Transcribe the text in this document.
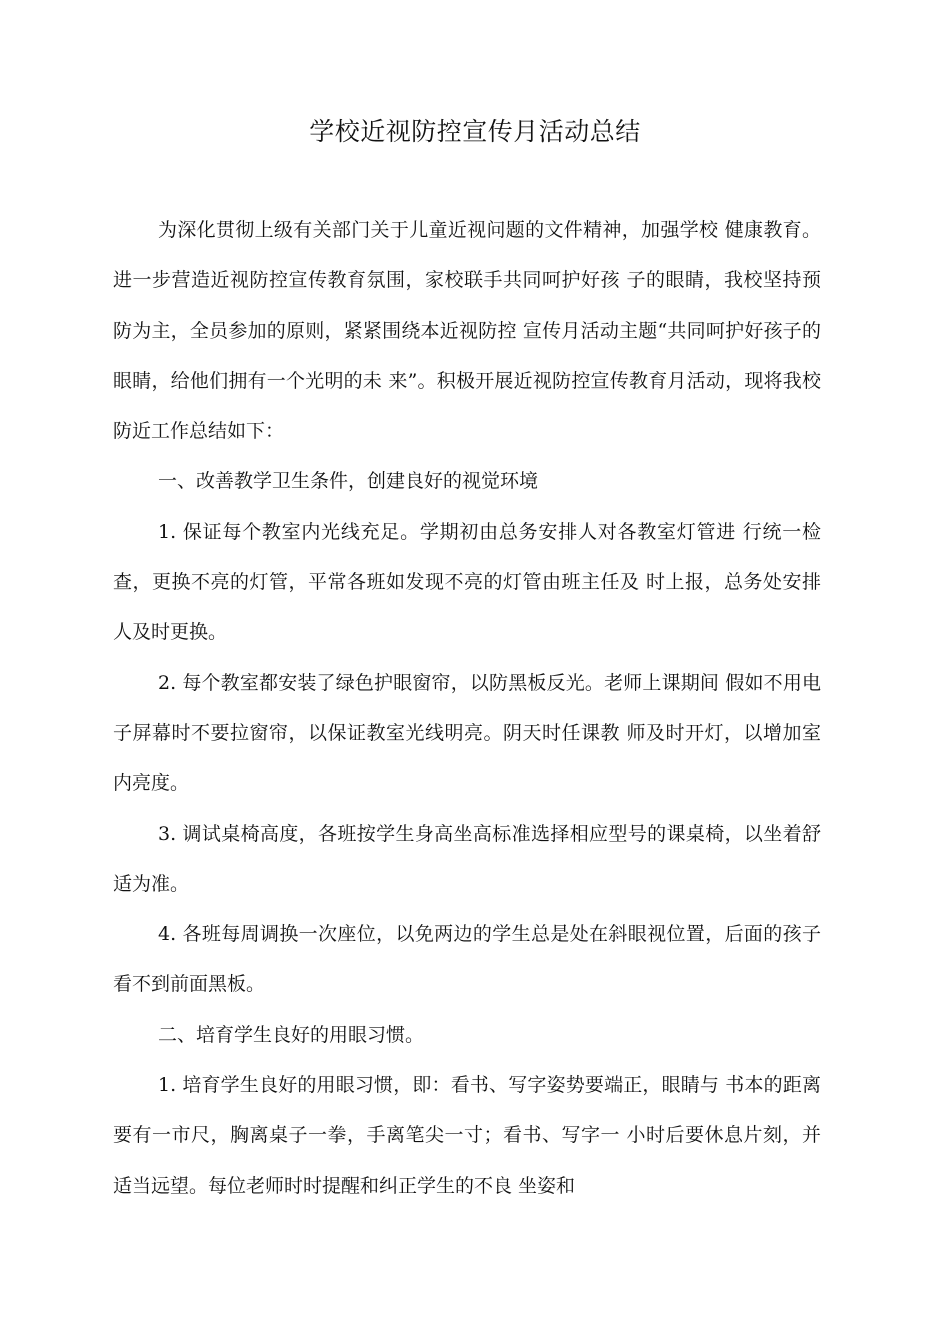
学校近视防控宣传月活动总结

为深化贯彻上级有关部门关于儿童近视问题的文件精神，加强学校 健康教育。进一步营造近视防控宣传教育氛围，家校联手共同呵护好孩 子的眼睛，我校坚持预防为主，全员参加的原则，紧紧围绕本近视防控 宣传月活动主题“共同呵护好孩子的眼睛，给他们拥有一个光明的未 来”。积极开展近视防控宣传教育月活动，现将我校防近工作总结如下：

一、改善教学卫生条件，创建良好的视觉环境

1. 保证每个教室内光线充足。学期初由总务安排人对各教室灯管进 行统一检查，更换不亮的灯管，平常各班如发现不亮的灯管由班主任及 时上报，总务处安排人及时更换。

2. 每个教室都安装了绿色护眼窗帘，以防黑板反光。老师上课期间 假如不用电子屏幕时不要拉窗帘，以保证教室光线明亮。阴天时任课教 师及时开灯，以增加室内亮度。

3. 调试桌椅高度，各班按学生身高坐高标准选择相应型号的课桌椅，以坐着舒适为准。

4. 各班每周调换一次座位，以免两边的学生总是处在斜眼视位置，后面的孩子看不到前面黑板。

二、培育学生良好的用眼习惯。

1. 培育学生良好的用眼习惯，即：看书、写字姿势要端正，眼睛与 书本的距离要有一市尺，胸离桌子一拳，手离笔尖一寸；看书、写字一 小时后要休息片刻，并适当远望。每位老师时时提醒和纠正学生的不良 坐姿和
